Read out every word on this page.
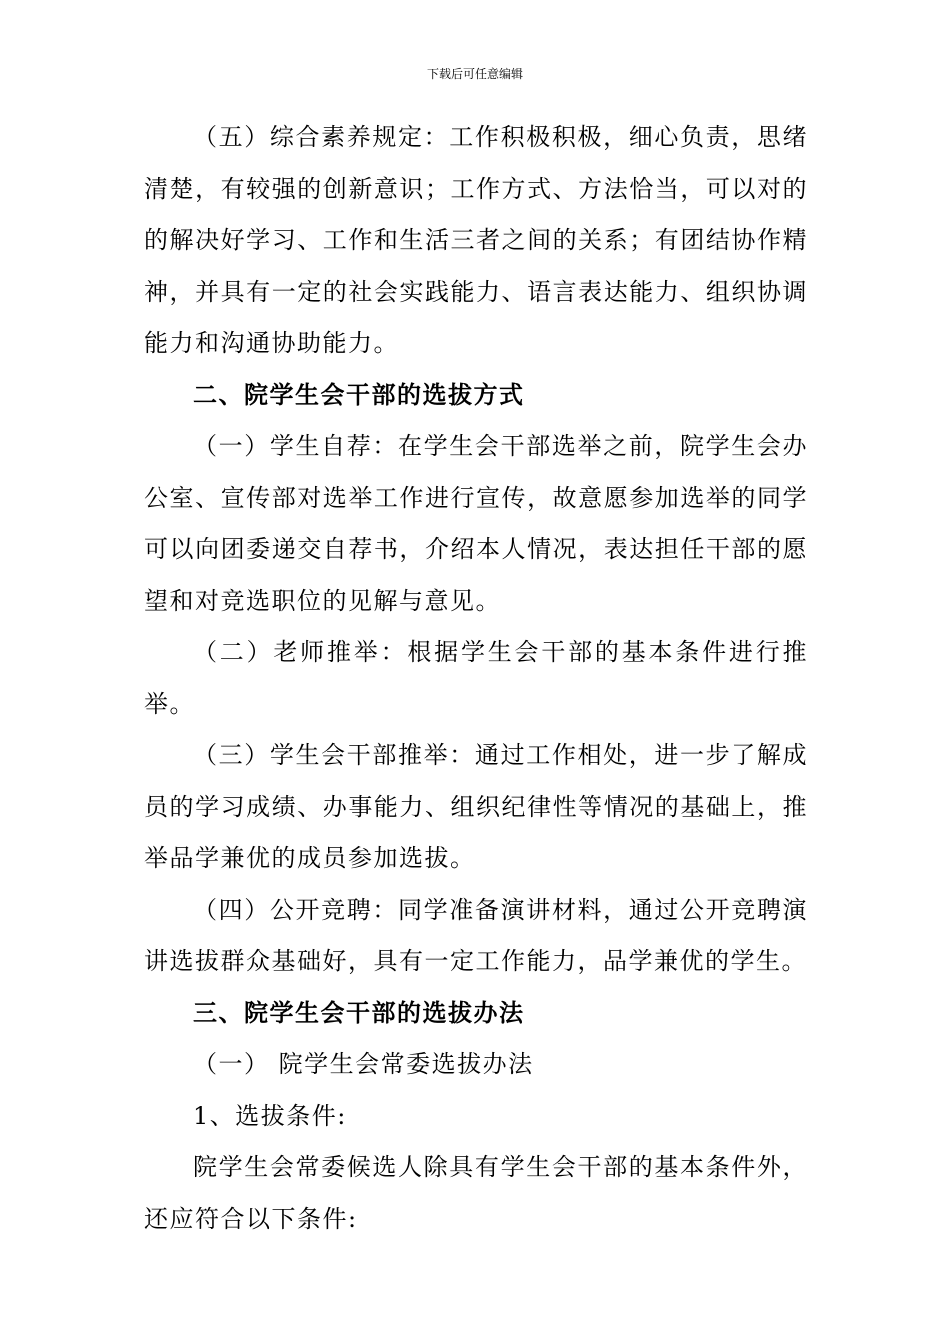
下载后可任意编辑

（五）综合素养规定：工作积极积极，细心负责，思绪清楚，有较强的创新意识；工作方式、方法恰当，可以对的的解决好学习、工作和生活三者之间的关系；有团结协作精神，并具有一定的社会实践能力、语言表达能力、组织协调能力和沟通协助能力。

二、院学生会干部的选拔方式

（一）学生自荐：在学生会干部选举之前，院学生会办公室、宣传部对选举工作进行宣传，故意愿参加选举的同学可以向团委递交自荐书，介绍本人情况，表达担任干部的愿望和对竞选职位的见解与意见。

（二）老师推举：根据学生会干部的基本条件进行推举。

（三）学生会干部推举：通过工作相处，进一步了解成员的学习成绩、办事能力、组织纪律性等情况的基础上，推举品学兼优的成员参加选拔。

（四）公开竞聘：同学准备演讲材料，通过公开竞聘演讲选拔群众基础好，具有一定工作能力，品学兼优的学生。

三、院学生会干部的选拔办法

（一） 院学生会常委选拔办法

1、选拔条件:

院学生会常委候选人除具有学生会干部的基本条件外，还应符合以下条件:
